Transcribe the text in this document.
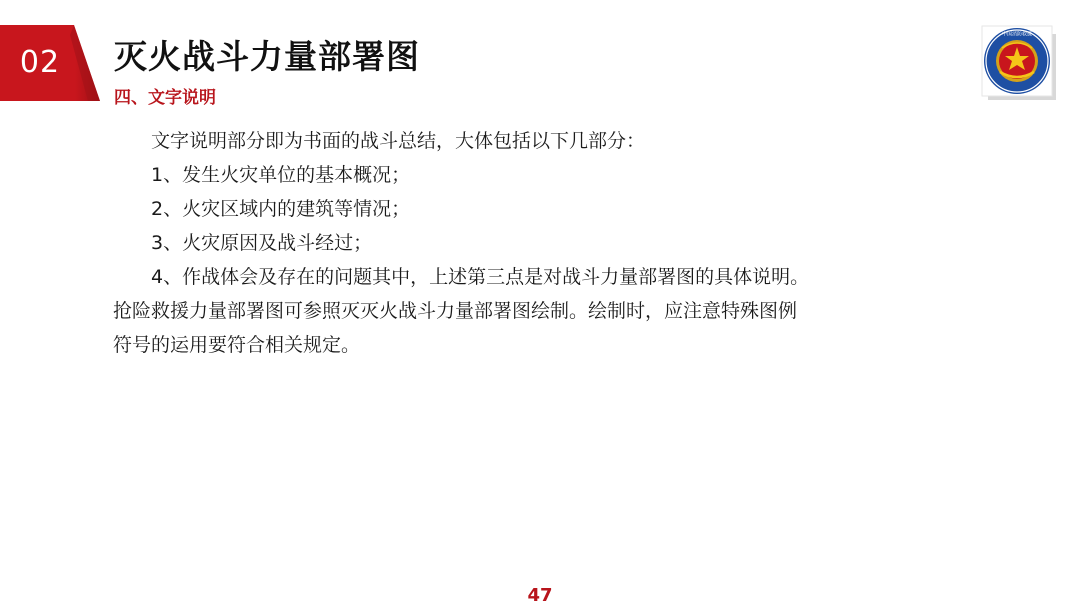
02	灭火战斗力量部署图
四、文字说明
中国消防救援

文字说明部分即为书面的战斗总结，大体包括以下几部分：

1、发生火灾单位的基本概况；

2、火灾区域内的建筑等情况；

3、火灾原因及战斗经过；

4、作战体会及存在的问题其中，上述第三点是对战斗力量部署图的具体说明。

抢险救援力量部署图可参照灭灭火战斗力量部署图绘制。绘制时，应注意特殊图例

符号的运用要符合相关规定。

47
